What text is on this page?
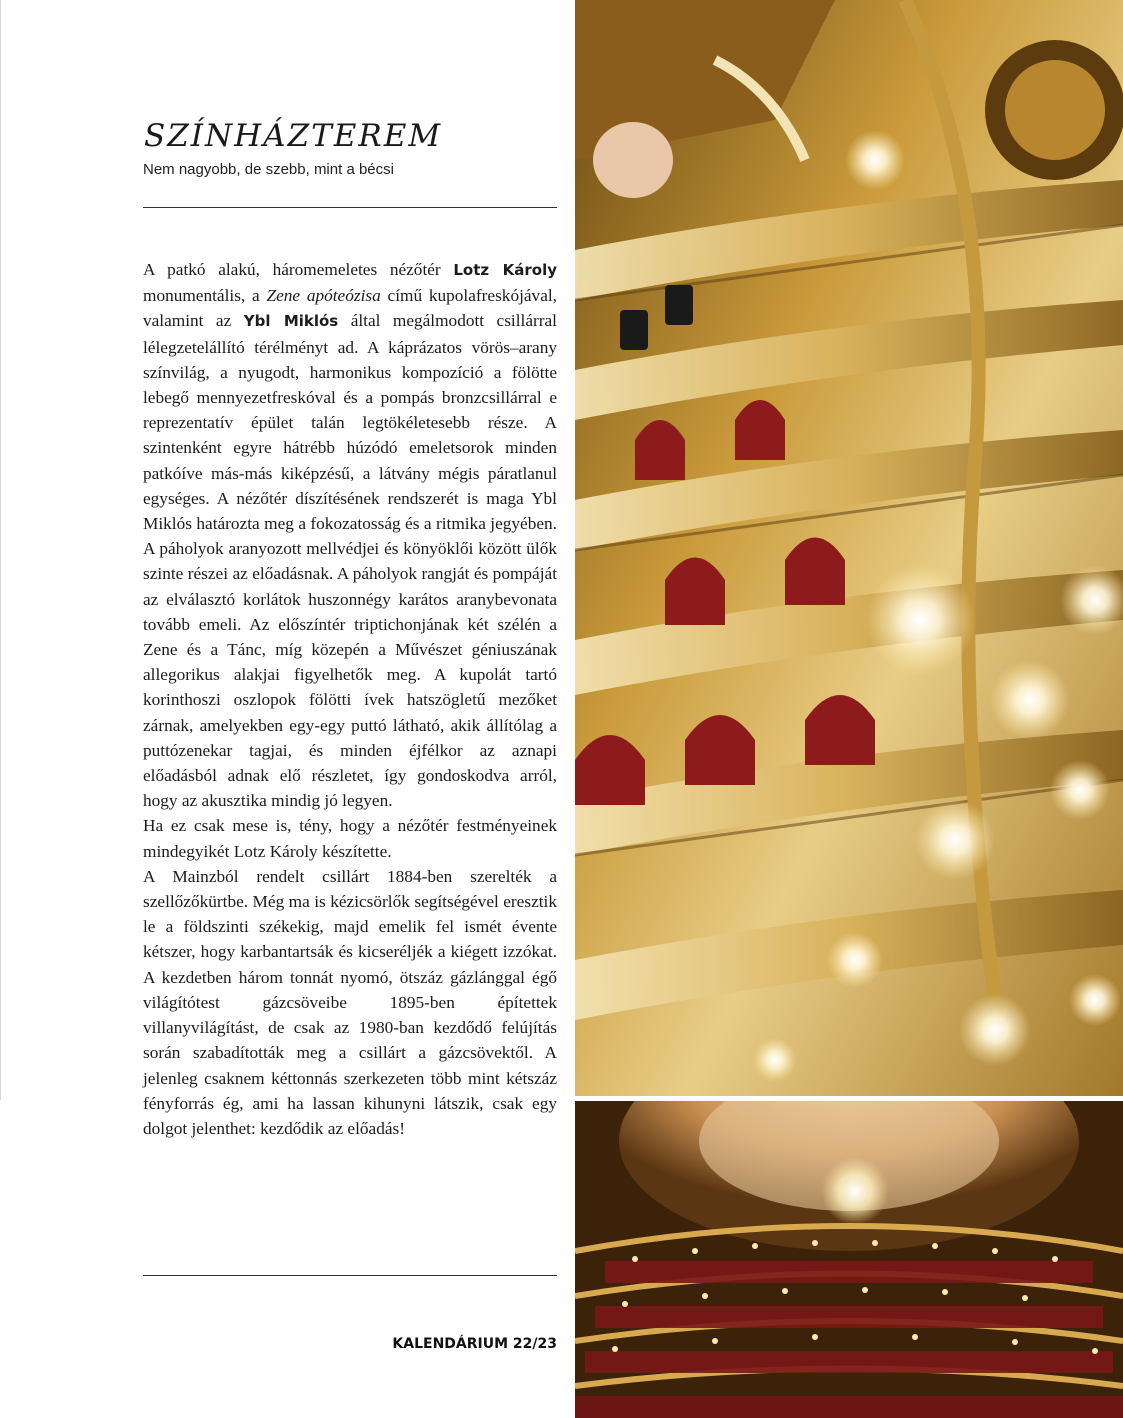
SZÍNHÁZTEREM

Nem nagyobb, de szebb, mint a bécsi

A patkó alakú, háromemeletes nézőtér Lotz Károly monumentális, a Zene apóteózisa című kupolafreskójával, valamint az Ybl Miklós által megálmodott csillárral lélegzetelállító térélményt ad. A káprázatos vörös–arany színvilág, a nyugodt, harmonikus kompozíció a fölötte lebegő mennyezetfreskóval és a pompás bronzcsillárral e reprezentatív épület talán legtökéletesebb része. A szintenként egyre hátrébb húzódó emeletsorok minden patkóíve más-más kiképzésű, a látvány mégis páratlanul egységes. A nézőtér díszítésének rendszerét is maga Ybl Miklós határozta meg a fokozatosság és a ritmika jegyében. A páholyok aranyozott mellvédjei és könyöklői között ülők szinte részei az előadásnak. A páholyok rangját és pompáját az elválasztó korlátok huszonnégy karátos aranybevonata tovább emeli. Az előszíntér triptichonjának két szélén a Zene és a Tánc, míg közepén a Művészet géniuszának allegorikus alakjai figyelhetők meg. A kupolát tartó korinthoszi oszlopok fölötti ívek hatszögletű mezőket zárnak, amelyekben egy-egy puttó látható, akik állítólag a puttózenekar tagjai, és minden éjfélkor az aznapi előadásból adnak elő részletet, így gondoskodva arról, hogy az akusztika mindig jó legyen.

Ha ez csak mese is, tény, hogy a nézőtér festményeinek mindegyikét Lotz Károly készítette.

A Mainzból rendelt csillárt 1884-ben szerelték a szellőzőkürtbe. Még ma is kézicsörlők segítségével eresztik le a földszinti székekig, majd emelik fel ismét évente kétszer, hogy karbantartsák és kicseréljék a kiégett izzókat. A kezdetben három tonnát nyomó, ötszáz gázlánggal égő világítótest gázcsöveibe 1895-ben építettek villanyvilágítást, de csak az 1980-ban kezdődő felújítás során szabadították meg a csillárt a gázcsövektől. A jelenleg csaknem kéttonnás szerkezeten több mint kétszáz fényforrás ég, ami ha lassan kihunyni látszik, csak egy dolgot jelenthet: kezdődik az előadás!

KALENDÁRIUM 22/23
